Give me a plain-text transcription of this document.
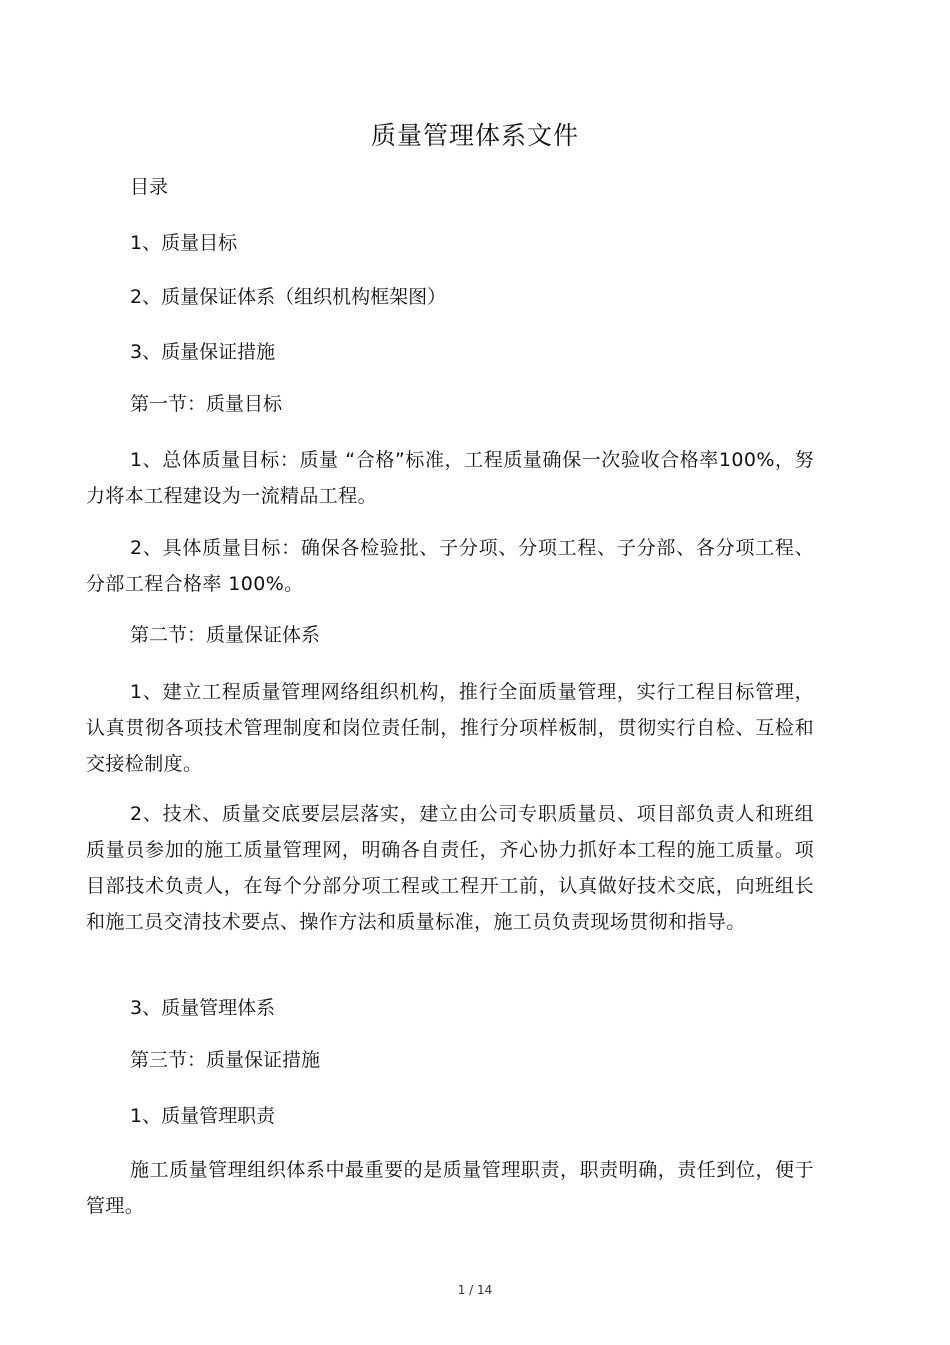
质量管理体系文件
目录
1、质量目标
2、质量保证体系（组织机构框架图）
3、质量保证措施
第一节：质量目标
1、总体质量目标：质量 “合格”标准，工程质量确保一次验收合格率100%，努力将本工程建设为一流精品工程。
2、具体质量目标：确保各检验批、子分项、分项工程、子分部、各分项工程、分部工程合格率 100%。
第二节：质量保证体系
1、建立工程质量管理网络组织机构，推行全面质量管理，实行工程目标管理，认真贯彻各项技术管理制度和岗位责任制，推行分项样板制，贯彻实行自检、互检和交接检制度。
2、技术、质量交底要层层落实，建立由公司专职质量员、项目部负责人和班组质量员参加的施工质量管理网，明确各自责任，齐心协力抓好本工程的施工质量。项目部技术负责人，在每个分部分项工程或工程开工前，认真做好技术交底，向班组长和施工员交清技术要点、操作方法和质量标准，施工员负责现场贯彻和指导。
3、质量管理体系
第三节：质量保证措施
1、质量管理职责
施工质量管理组织体系中最重要的是质量管理职责，职责明确，责任到位，便于管理。
1 / 14
